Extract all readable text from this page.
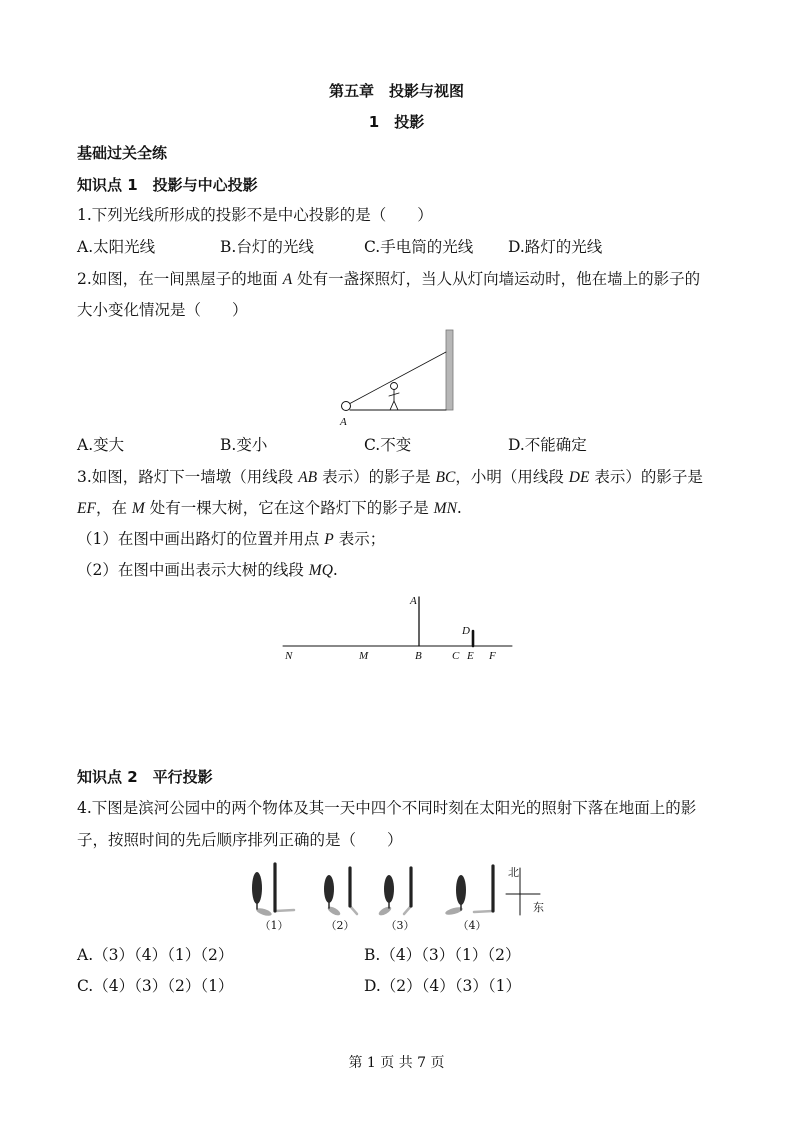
第五章　投影与视图
1　投影
基础过关全练
知识点 1　投影与中心投影
1.下列光线所形成的投影不是中心投影的是（　　）
A.太阳光线	B.台灯的光线	C.手电筒的光线 D.路灯的光线
2.如图，在一间黑屋子的地面 A 处有一盏探照灯，当人从灯向墙运动时，他在墙上的影子的
大小变化情况是（　　）
A
A.变大	B.变小	C.不变	D.不能确定
3.如图，路灯下一墙墩（用线段 AB 表示）的影子是 BC，小明（用线段 DE 表示）的影子是
EF，在 M 处有一棵大树，它在这个路灯下的影子是 MN.
（1）在图中画出路灯的位置并用点 P 表示；
（2）在图中画出表示大树的线段 MQ.
A
D
N	M	B	C E F
知识点 2　平行投影
4.下图是滨河公园中的两个物体及其一天中四个不同时刻在太阳光的照射下落在地面上的影
子，按照时间的先后顺序排列正确的是（　　）
（1）	（2）	（3）	（4）
北
东
A.（3）（4）（1）（2）	B.（4）（3）（1）（2）
C.（4）（3）（2）（1）	D.（2）（4）（3）（1）
第 1 页 共 7 页
